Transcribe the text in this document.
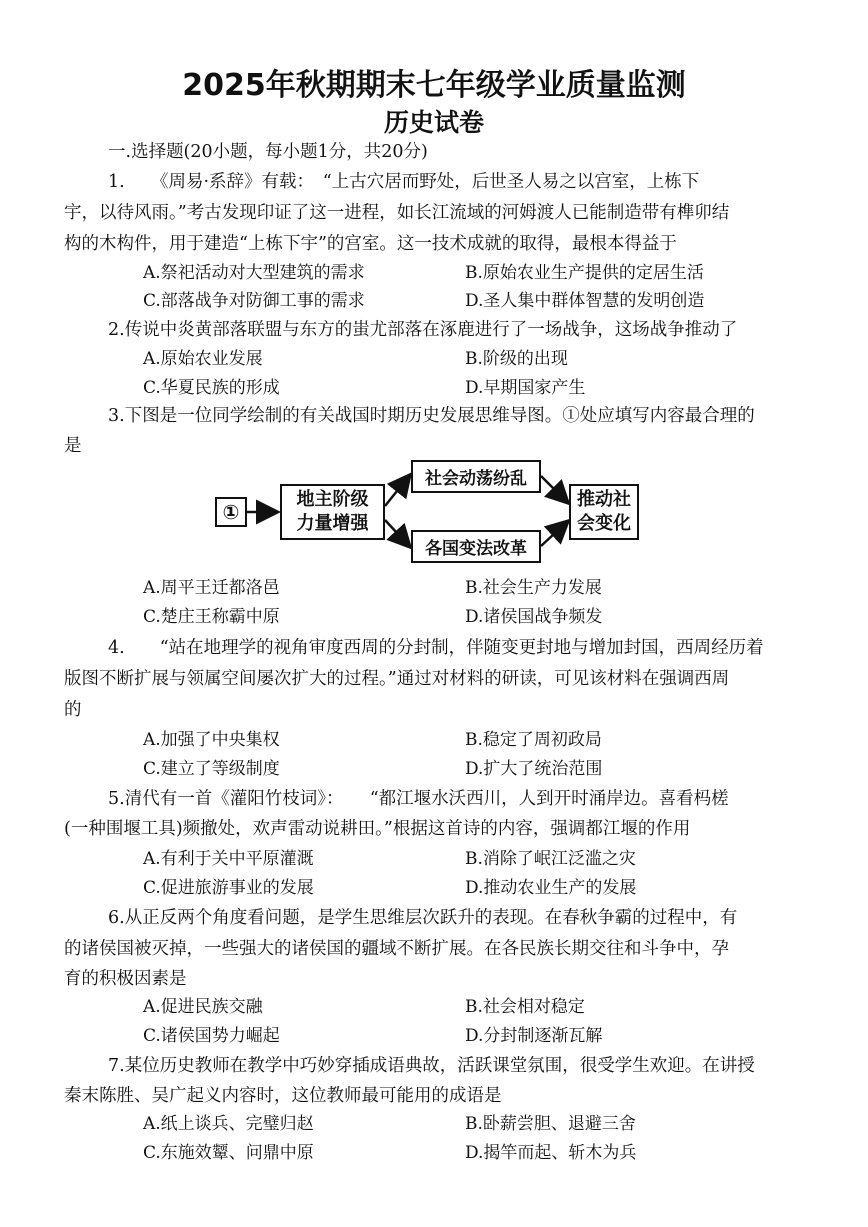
2025年秋期期末七年级学业质量监测
历史试卷
一.选择题(20小题，每小题1分，共20分)
1.　　《周易·系辞》有载：　“上古穴居而野处，后世圣人易之以宫室，上栋下
宇，以待风雨。”考古发现印证了这一进程，如长江流域的河姆渡人已能制造带有榫卯结
构的木构件，用于建造“上栋下宇”的宫室。这一技术成就的取得，最根本得益于
A.祭祀活动对大型建筑的需求	B.原始农业生产提供的定居生活
C.部落战争对防御工事的需求	D.圣人集中群体智慧的发明创造
2.传说中炎黄部落联盟与东方的蚩尤部落在涿鹿进行了一场战争，这场战争推动了
A.原始农业发展	B.阶级的出现
C.华夏民族的形成	D.早期国家产生
3.下图是一位同学绘制的有关战国时期历史发展思维导图。①处应填写内容最合理的
是
①
地主阶级
力量增强
社会动荡纷乱
各国变法改革
推动社
会变化
A.周平王迁都洛邑	B.社会生产力发展
C.楚庄王称霸中原	D.诸侯国战争频发
4.　　“站在地理学的视角审度西周的分封制，伴随变更封地与增加封国，西周经历着
版图不断扩展与领属空间屡次扩大的过程。”通过对材料的研读，可见该材料在强调西周
的
A.加强了中央集权	B.稳定了周初政局
C.建立了等级制度	D.扩大了统治范围
5.清代有一首《灌阳竹枝词》：　　“都江堰水沃西川，人到开时涌岸边。喜看杩槎
(一种围堰工具)频撤处，欢声雷动说耕田。”根据这首诗的内容，强调都江堰的作用
A.有利于关中平原灌溉	B.消除了岷江泛滥之灾
C.促进旅游事业的发展	D.推动农业生产的发展
6.从正反两个角度看问题，是学生思维层次跃升的表现。在春秋争霸的过程中，有
的诸侯国被灭掉，一些强大的诸侯国的疆域不断扩展。在各民族长期交往和斗争中，孕
育的积极因素是
A.促进民族交融	B.社会相对稳定
C.诸侯国势力崛起	D.分封制逐渐瓦解
7.某位历史教师在教学中巧妙穿插成语典故，活跃课堂氛围，很受学生欢迎。在讲授
秦末陈胜、吴广起义内容时，这位教师最可能用的成语是
A.纸上谈兵、完璧归赵	B.卧薪尝胆、退避三舍
C.东施效颦、问鼎中原	D.揭竿而起、斩木为兵
